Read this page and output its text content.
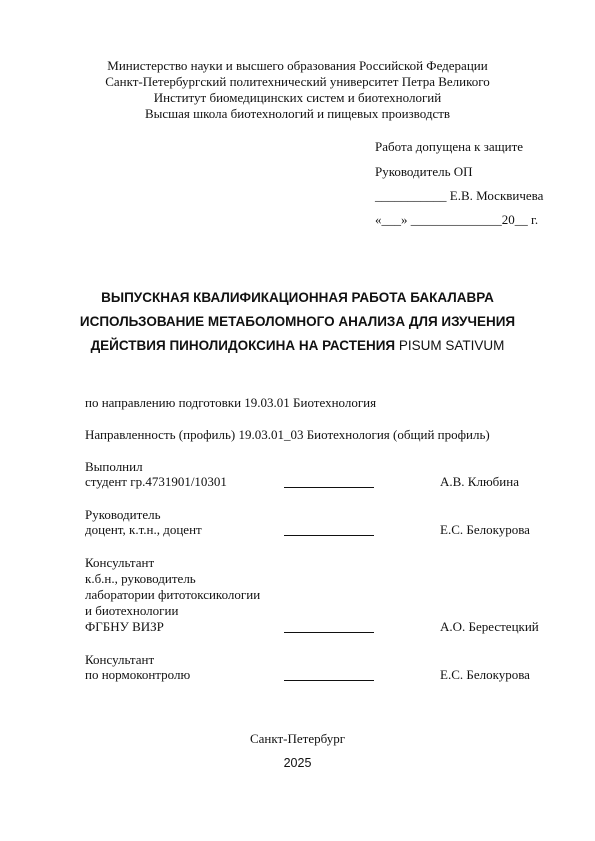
Министерство науки и высшего образования Российской Федерации
Санкт-Петербургский политехнический университет Петра Великого
Институт биомедицинских систем и биотехнологий
Высшая школа биотехнологий и пищевых производств
Работа допущена к защите
Руководитель ОП
___________ Е.В. Москвичева
«___» ______________20__ г.
ВЫПУСКНАЯ КВАЛИФИКАЦИОННАЯ РАБОТА БАКАЛАВРА
ИСПОЛЬЗОВАНИЕ МЕТАБОЛОМНОГО АНАЛИЗА ДЛЯ ИЗУЧЕНИЯ
ДЕЙСТВИЯ ПИНОЛИДОКСИНА НА РАСТЕНИЯ PISUM SATIVUM
по направлению подготовки 19.03.01 Биотехнология
Направленность (профиль) 19.03.01_03 Биотехнология (общий профиль)
Выполнил
студент гр.4731901/10301	А.В. Клюбина
Руководитель
доцент, к.т.н., доцент	Е.С. Белокурова
Консультант
к.б.н., руководитель
лаборатории фитотоксикологии
и биотехнологии
ФГБНУ ВИЗР	А.О. Берестецкий
Консультант
по нормоконтролю	Е.С. Белокурова
Санкт-Петербург
2025
